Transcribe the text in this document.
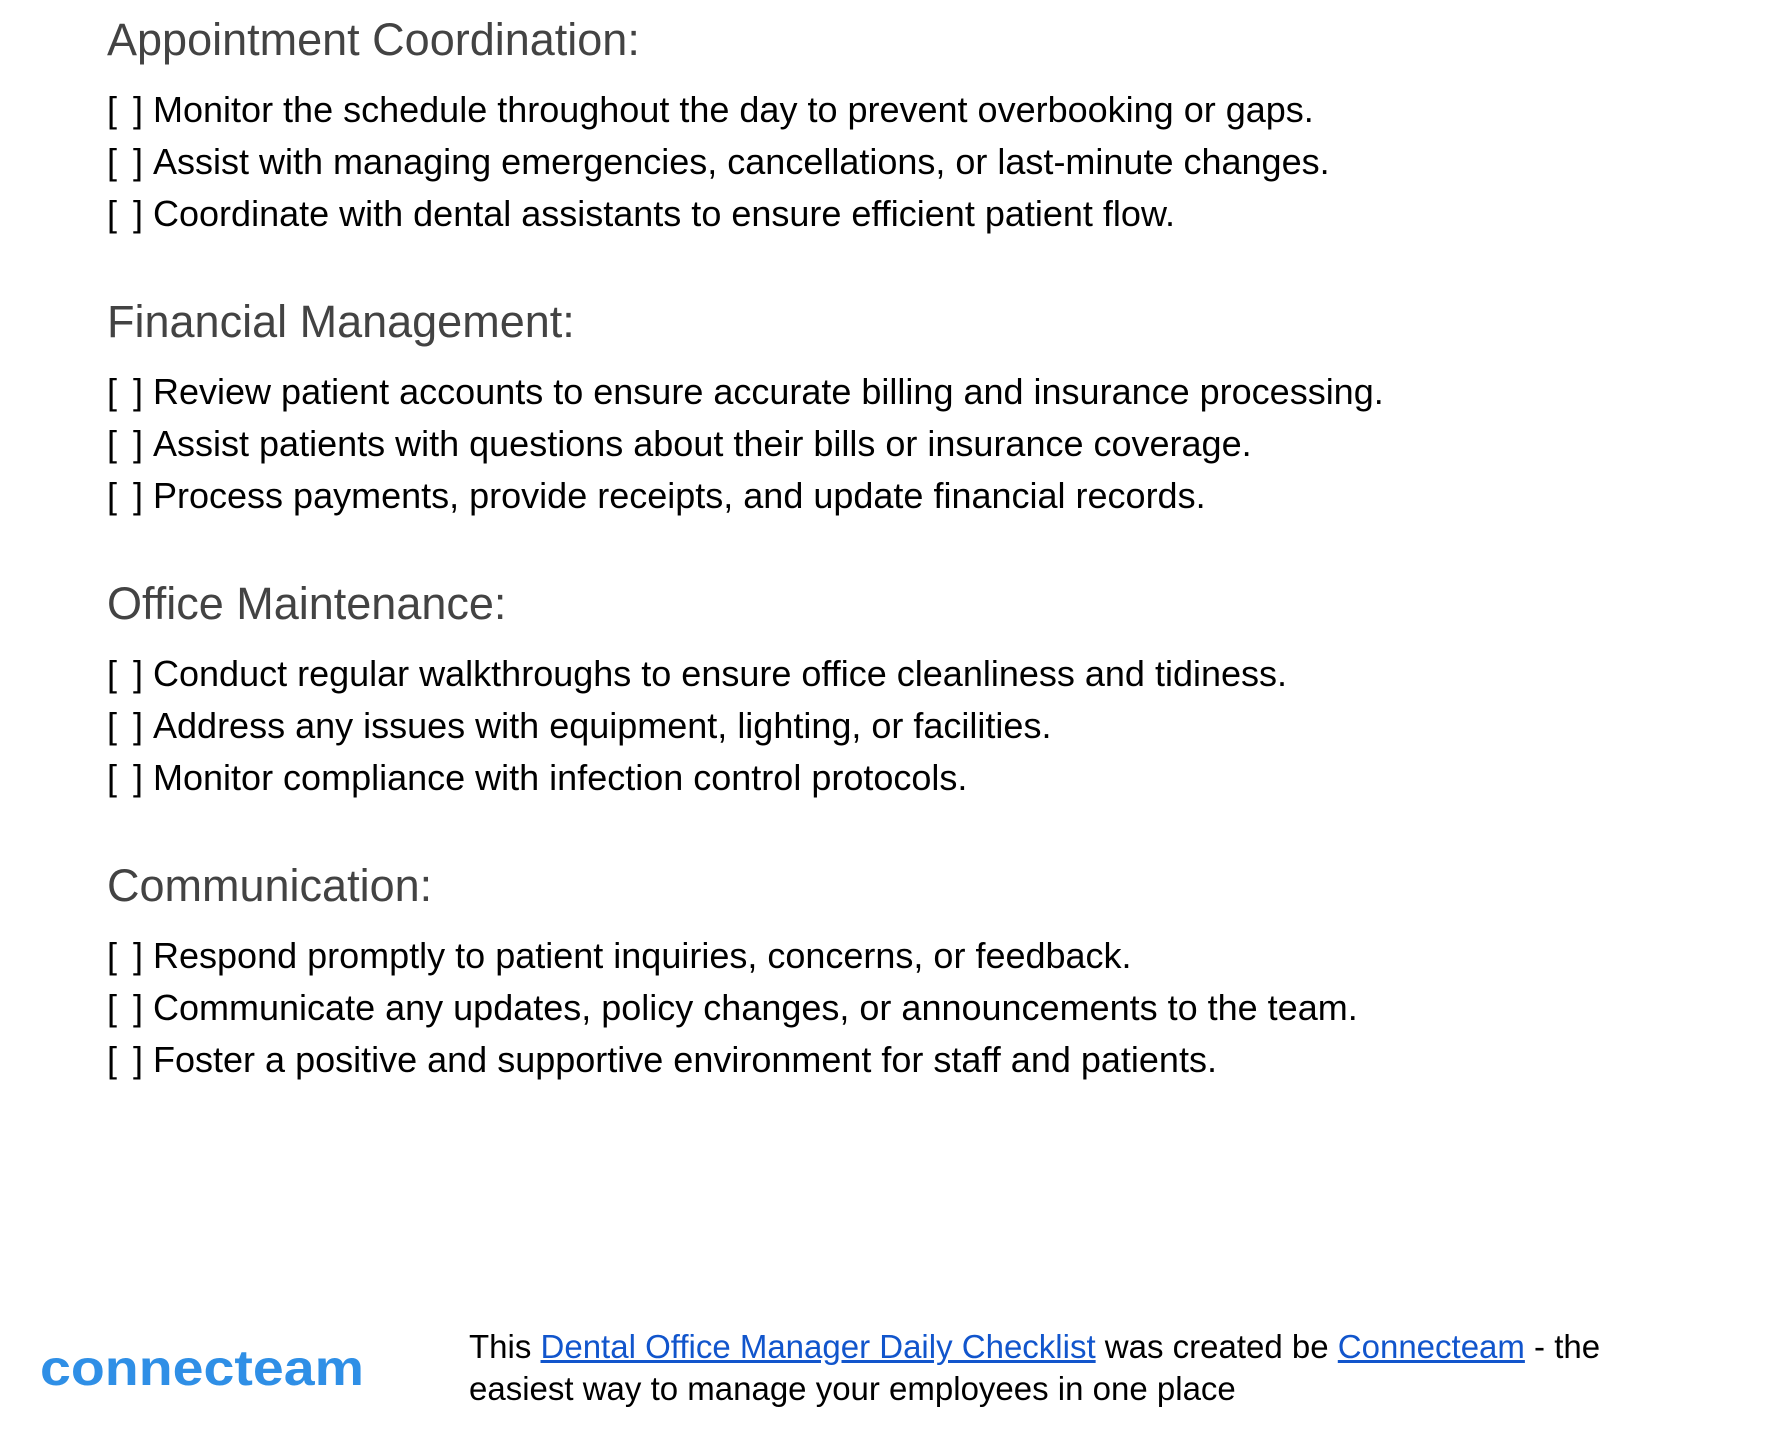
Appointment Coordination:
[ ] Monitor the schedule throughout the day to prevent overbooking or gaps.
[ ] Assist with managing emergencies, cancellations, or last-minute changes.
[ ] Coordinate with dental assistants to ensure efficient patient flow.
Financial Management:
[ ] Review patient accounts to ensure accurate billing and insurance processing.
[ ] Assist patients with questions about their bills or insurance coverage.
[ ] Process payments, provide receipts, and update financial records.
Office Maintenance:
[ ] Conduct regular walkthroughs to ensure office cleanliness and tidiness.
[ ] Address any issues with equipment, lighting, or facilities.
[ ] Monitor compliance with infection control protocols.
Communication:
[ ] Respond promptly to patient inquiries, concerns, or feedback.
[ ] Communicate any updates, policy changes, or announcements to the team.
[ ] Foster a positive and supportive environment for staff and patients.
connecteam	This Dental Office Manager Daily Checklist was created be Connecteam - the easiest way to manage your employees in one place
